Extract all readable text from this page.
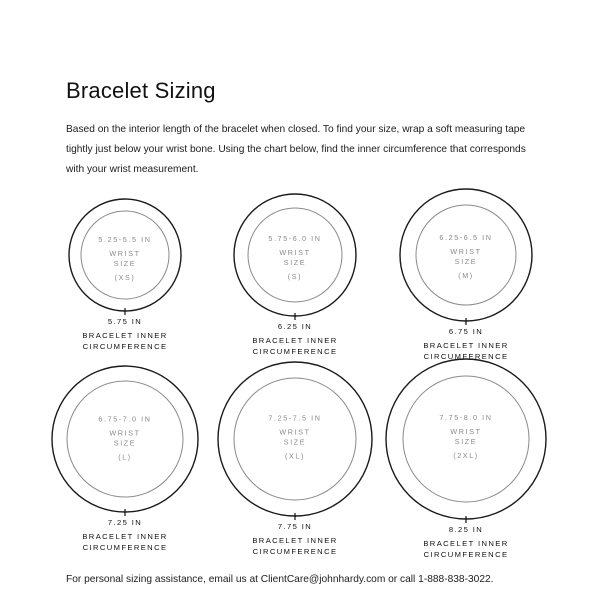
Bracelet Sizing
Based on the interior length of the bracelet when closed. To find your size, wrap a soft measuring tape tightly just below your wrist bone. Using the chart below, find the inner circumference that corresponds with your wrist measurement.
5.25-5.5 IN
WRIST
SIZE
(XS)
5.75 IN
BRACELET INNER
CIRCUMFERENCE
5.75-6.0 IN
WRIST
SIZE
(S)
6.25 IN
BRACELET INNER
CIRCUMFERENCE
6.25-6.5 IN
WRIST
SIZE
(M)
6.75 IN
BRACELET INNER
CIRCUMFERENCE
6.75-7.0 IN
WRIST
SIZE
(L)
7.25 IN
BRACELET INNER
CIRCUMFERENCE
7.25-7.5 IN
WRIST
SIZE
(XL)
7.75 IN
BRACELET INNER
CIRCUMFERENCE
7.75-8.0 IN
WRIST
SIZE
(2XL)
8.25 IN
BRACELET INNER
CIRCUMFERENCE
For personal sizing assistance, email us at ClientCare@johnhardy.com or call 1-888-838-3022.
